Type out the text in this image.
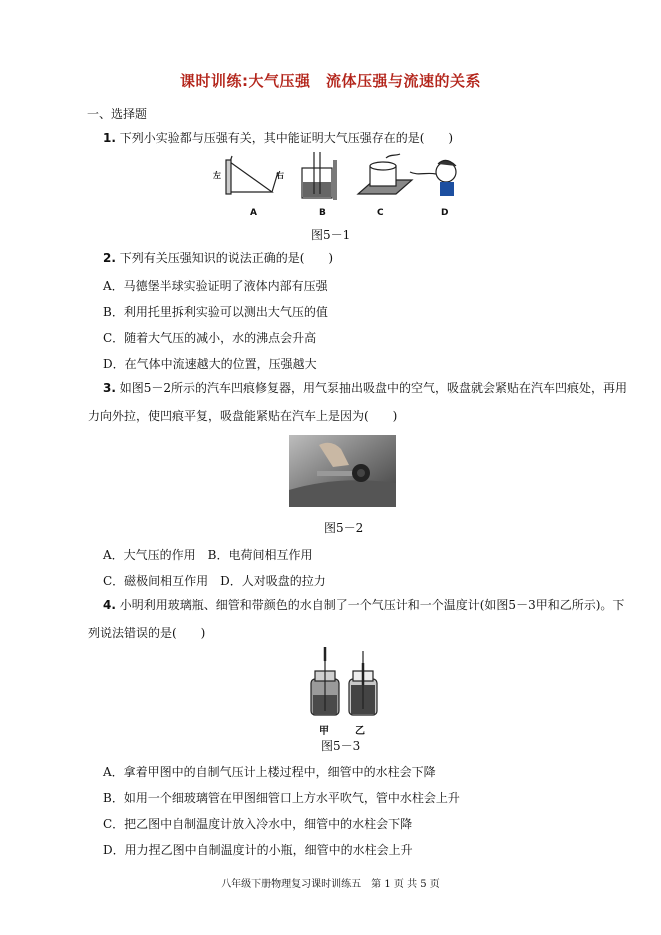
课时训练:大气压强　流体压强与流速的关系
一、选择题
1. 下列小实验都与压强有关，其中能证明大气压强存在的是(　　)
左	右
A	B	C	D
图5－1
2. 下列有关压强知识的说法正确的是(　　)
A．马德堡半球实验证明了液体内部有压强
B．利用托里拆利实验可以测出大气压的值
C．随着大气压的减小，水的沸点会升高
D．在气体中流速越大的位置，压强越大
3. 如图5－2所示的汽车凹痕修复器，用气泵抽出吸盘中的空气，吸盘就会紧贴在汽车凹痕处，再用
力向外拉，使凹痕平复，吸盘能紧贴在汽车上是因为(　　)
图5－2
A．大气压的作用　B．电荷间相互作用
C．磁极间相互作用　D．人对吸盘的拉力
4. 小明利用玻璃瓶、细管和带颜色的水自制了一个气压计和一个温度计(如图5－3甲和乙所示)。下
列说法错误的是(　　)
甲	乙
图5－3
A．拿着甲图中的自制气压计上楼过程中，细管中的水柱会下降
B．如用一个细玻璃管在甲图细管口上方水平吹气，管中水柱会上升
C．把乙图中自制温度计放入冷水中，细管中的水柱会下降
D．用力捏乙图中自制温度计的小瓶，细管中的水柱会上升
八年级下册物理复习课时训练五　第 1 页 共 5 页
